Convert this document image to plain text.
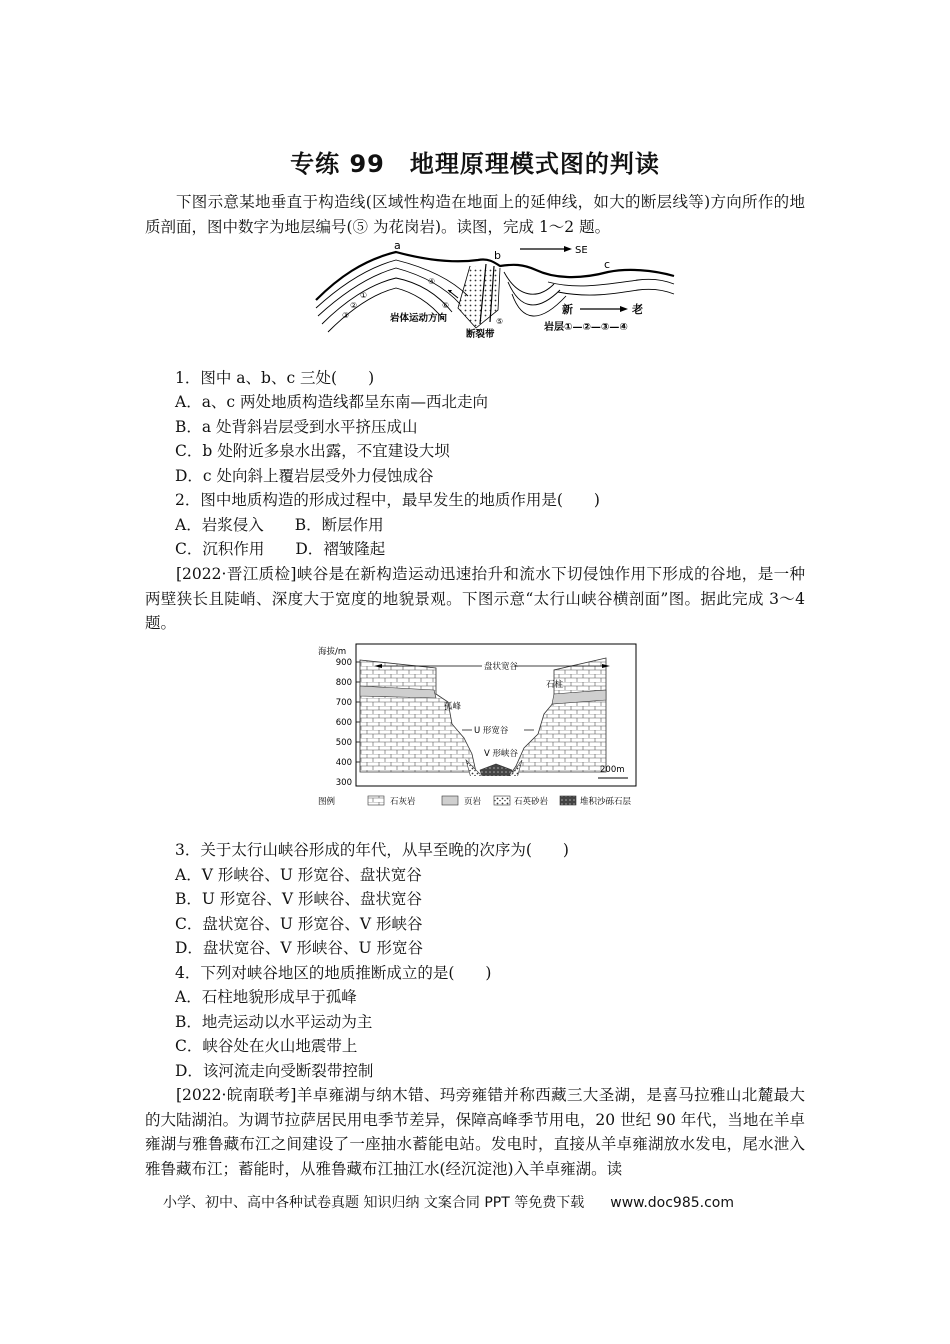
专练 99　地理原理模式图的判读
下图示意某地垂直于构造线(区域性构造在地面上的延伸线，如大的断层线等)方向所作的地质剖面，图中数字为地层编号(⑤ 为花岗岩)。读图，完成 1～2 题。
SE
a
b
c
①
②
③
④
⑤
⑥	新	老
岩层①—②—③—④
岩体运动方向
断裂带
1．图中 a、b、c 三处(　　)
A．a、c 两处地质构造线都呈东南—西北走向
B．a 处背斜岩层受到水平挤压成山
C．b 处附近多泉水出露，不宜建设大坝
D．c 处向斜上覆岩层受外力侵蚀成谷
2．图中地质构造的形成过程中，最早发生的地质作用是(　　)
A．岩浆侵入　　B．断层作用
C．沉积作用　　D．褶皱隆起
[2022·晋江质检]峡谷是在新构造运动迅速抬升和流水下切侵蚀作用下形成的谷地，是一种两壁狭长且陡峭、深度大于宽度的地貌景观。下图示意“太行山峡谷横剖面”图。据此完成 3～4 题。
海拔/m
900
800
700
600
500
400
300
盘状宽谷
石柱
孤峰
U 形宽谷
V 形峡谷
200m
图例	石灰岩	页岩	石英砂岩	堆积沙砾石层
3．关于太行山峡谷形成的年代，从早至晚的次序为(　　)
A．V 形峡谷、U 形宽谷、盘状宽谷
B．U 形宽谷、V 形峡谷、盘状宽谷
C．盘状宽谷、U 形宽谷、V 形峡谷
D．盘状宽谷、V 形峡谷、U 形宽谷
4．下列对峡谷地区的地质推断成立的是(　　)
A．石柱地貌形成早于孤峰
B．地壳运动以水平运动为主
C．峡谷处在火山地震带上
D．该河流走向受断裂带控制
[2022·皖南联考]羊卓雍湖与纳木错、玛旁雍错并称西藏三大圣湖，是喜马拉雅山北麓最大的大陆湖泊。为调节拉萨居民用电季节差异，保障高峰季节用电，20 世纪 90 年代，当地在羊卓雍湖与雅鲁藏布江之间建设了一座抽水蓄能电站。发电时，直接从羊卓雍湖放水发电，尾水泄入雅鲁藏布江；蓄能时，从雅鲁藏布江抽江水(经沉淀池)入羊卓雍湖。读
小学、初中、高中各种试卷真题 知识归纳 文案合同 PPT 等免费下载 www.doc985.com
